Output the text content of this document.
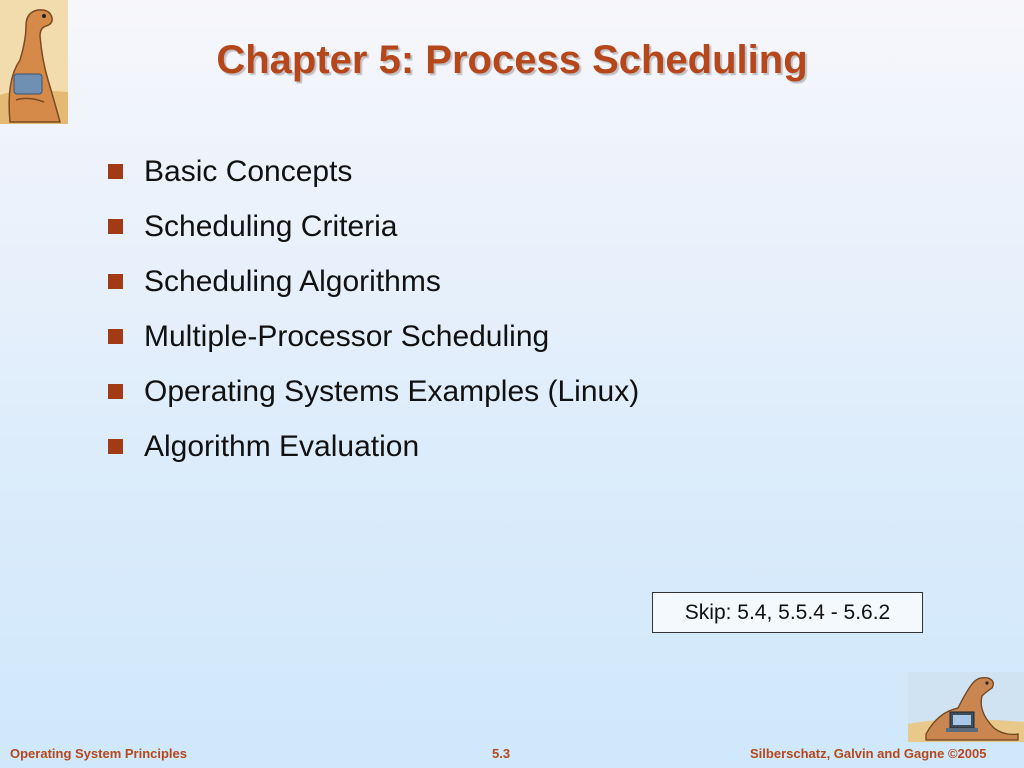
Chapter 5: Process Scheduling
Basic Concepts
Scheduling Criteria
Scheduling Algorithms
Multiple-Processor Scheduling
Operating Systems Examples (Linux)
Algorithm Evaluation
Skip: 5.4, 5.5.4 - 5.6.2
Operating System Principles	5.3	Silberschatz, Galvin and Gagne ©2005
